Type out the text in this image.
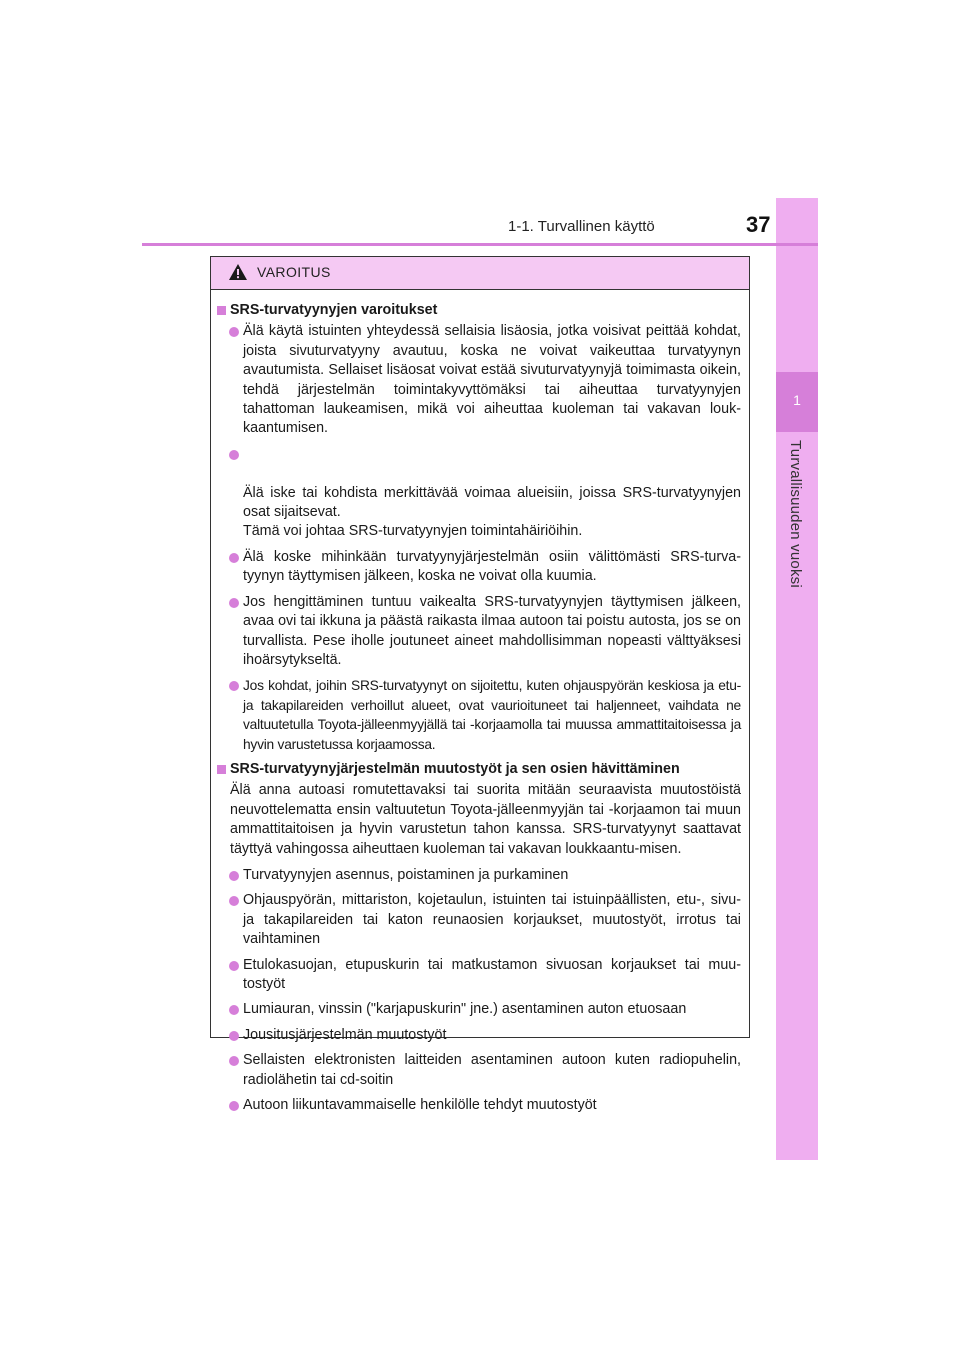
1
Turvallisuuden vuoksi
1-1. Turvallinen käyttö	37
VAROITUS
SRS-turvatyynyjen varoitukset
Älä käytä istuinten yhteydessä sellaisia lisäosia, jotka voisivat peittää kohdat, joista sivuturvatyyny avautuu, koska ne voivat vaikeuttaa turvatyynyn avautumista. Sellaiset lisäosat voivat estää sivuturvatyynyjä toimimasta oikein, tehdä järjestelmän toimintakyvyttömäksi tai aiheuttaa turvatyynyjen tahattoman laukeamisen, mikä voi aiheuttaa kuoleman tai vakavan louk-kaantumisen.

Älä iske tai kohdista merkittävää voimaa alueisiin, joissa SRS-turvatyynyjen osat sijaitsevat.
Tämä voi johtaa SRS-turvatyynyjen toimintahäiriöihin.

Älä koske mihinkään turvatyynyjärjestelmän osiin välittömästi SRS-turva-tyynyn täyttymisen jälkeen, koska ne voivat olla kuumia.
Jos hengittäminen tuntuu vaikealta SRS-turvatyynyjen täyttymisen jälkeen, avaa ovi tai ikkuna ja päästä raikasta ilmaa autoon tai poistu autosta, jos se on turvallista. Pese iholle joutuneet aineet mahdollisimman nopeasti välttyäksesi ihoärsytykseltä.
Jos kohdat, joihin SRS-turvatyynyt on sijoitettu, kuten ohjauspyörän keskiosa ja etu- ja takapilareiden verhoillut alueet, ovat vaurioituneet tai haljenneet, vaihdata ne valtuutetulla Toyota-jälleenmyyjällä tai -korjaamolla tai muussa ammattitaitoisessa ja hyvin varustetussa korjaamossa.
SRS-turvatyynyjärjestelmän muutostyöt ja sen osien hävittäminen
Älä anna autoasi romutettavaksi tai suorita mitään seuraavista muutostöistä neuvottelematta ensin valtuutetun Toyota-jälleenmyyjän tai -korjaamon tai muun ammattitaitoisen ja hyvin varustetun tahon kanssa. SRS-turvatyynyt saattavat täyttyä vahingossa aiheuttaen kuoleman tai vakavan loukkaantu-misen.
Turvatyynyjen asennus, poistaminen ja purkaminen
Ohjauspyörän, mittariston, kojetaulun, istuinten tai istuinpäällisten, etu-, sivu- ja takapilareiden tai katon reunaosien korjaukset, muutostyöt, irrotus tai vaihtaminen
Etulokasuojan, etupuskurin tai matkustamon sivuosan korjaukset tai muu-tostyöt
Lumiauran, vinssin ("karjapuskurin" jne.) asentaminen auton etuosaan
Jousitusjärjestelmän muutostyöt
Sellaisten elektronisten laitteiden asentaminen autoon kuten radiopuhelin, radiolähetin tai cd-soitin
Autoon liikuntavammaiselle henkilölle tehdyt muutostyöt
